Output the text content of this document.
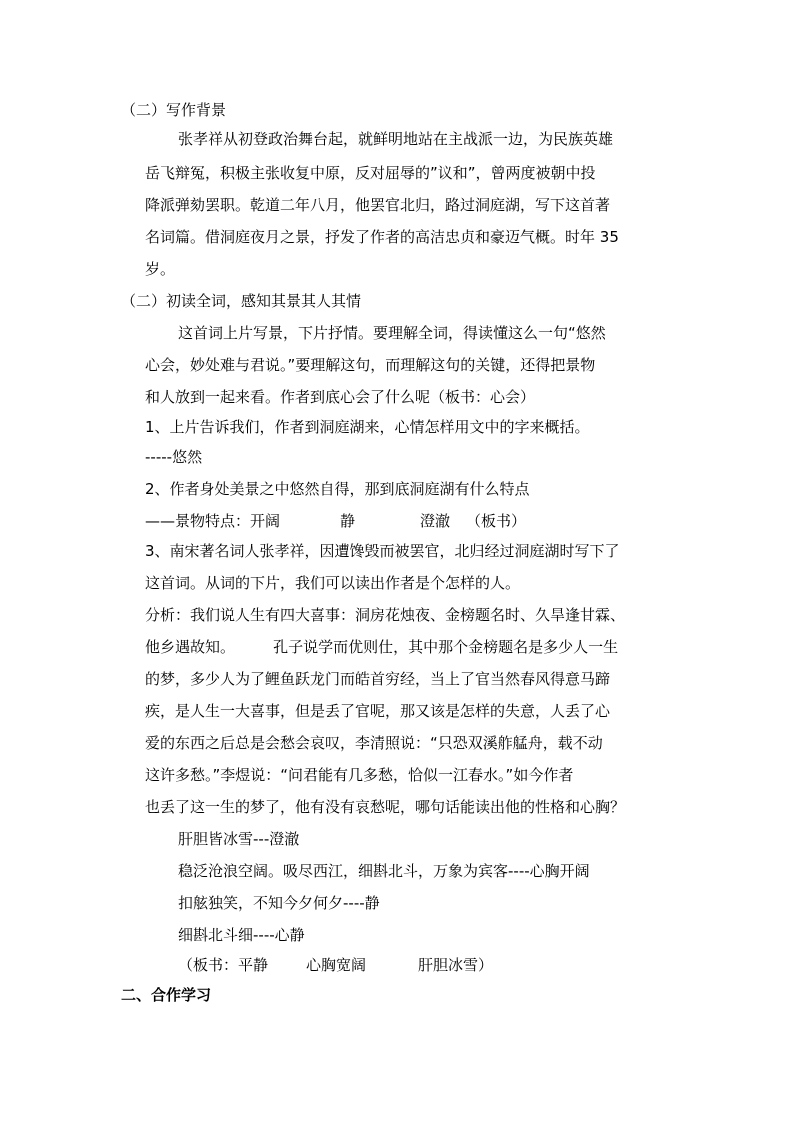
（二）写作背景
张孝祥从初登政治舞台起，就鲜明地站在主战派一边，为民族英雄
岳飞辩冤，积极主张收复中原，反对屈辱的”议和”，曾两度被朝中投
降派弹劾罢职。乾道二年八月，他罢官北归，路过洞庭湖，写下这首著
名词篇。借洞庭夜月之景，抒发了作者的高洁忠贞和豪迈气概。时年 35
岁。
（二）初读全词，感知其景其人其情
这首词上片写景，下片抒情。要理解全词，得读懂这么一句“悠然
心会，妙处难与君说。”要理解这句，而理解这句的关键，还得把景物
和人放到一起来看。作者到底心会了什么呢（板书：心会）
1、上片告诉我们，作者到洞庭湖来，心情怎样用文中的字来概括。
-----悠然
2、作者身处美景之中悠然自得，那到底洞庭湖有什么特点
——景物特点：开阔	静	澄澈 （板书）
3、南宋著名词人张孝祥，因遭馋毁而被罢官，北归经过洞庭湖时写下了
这首词。从词的下片，我们可以读出作者是个怎样的人。
分析：我们说人生有四大喜事：洞房花烛夜、金榜题名时、久旱逢甘霖、
他乡遇故知。        孔子说学而优则仕，其中那个金榜题名是多少人一生
的梦，多少人为了鲤鱼跃龙门而皓首穷经，当上了官当然春风得意马蹄
疾，是人生一大喜事，但是丢了官呢，那又该是怎样的失意，人丢了心
爱的东西之后总是会愁会哀叹，李清照说：“只恐双溪舴艋舟，载不动
这许多愁。”李煜说：“问君能有几多愁，恰似一江春水。”如今作者
也丢了这一生的梦了，他有没有哀愁呢，哪句话能读出他的性格和心胸？
肝胆皆冰雪---澄澈
稳泛沧浪空阔。吸尽西江，细斟北斗，万象为宾客----心胸开阔
扣舷独笑，不知今夕何夕----静
细斟北斗细----心静
（板书：平静	心胸宽阔	肝胆冰雪）
二、合作学习
